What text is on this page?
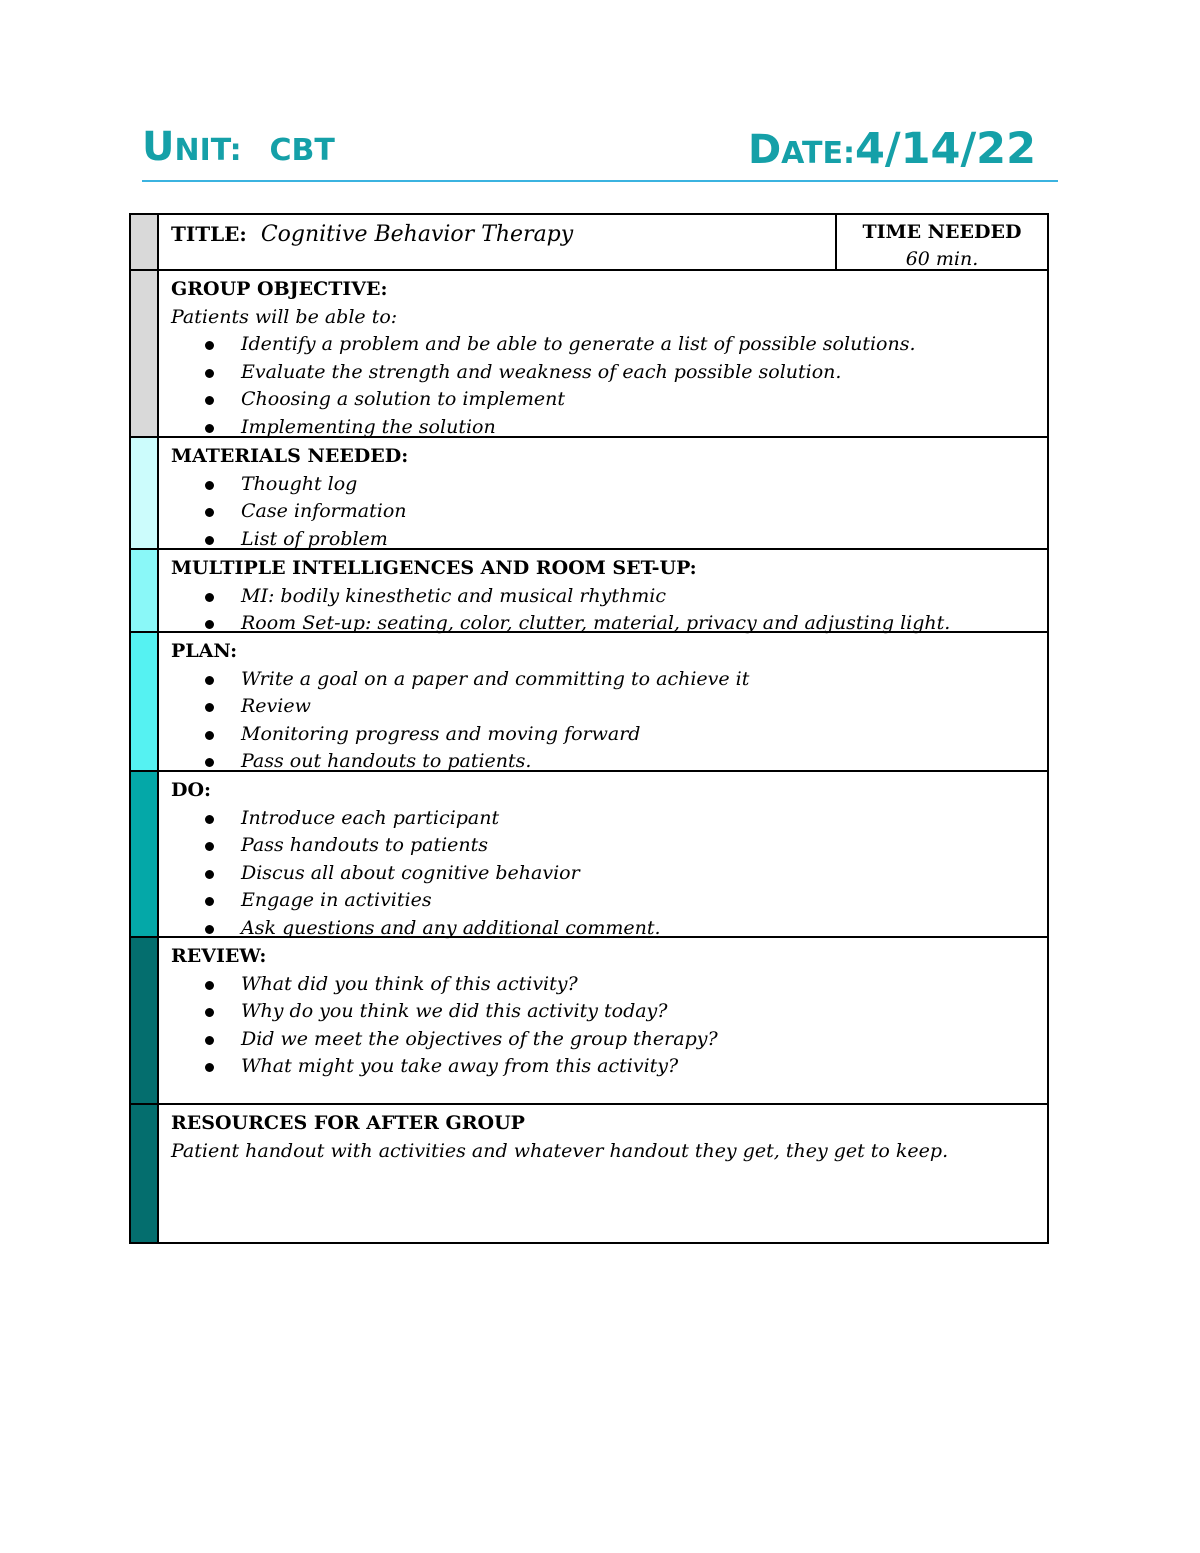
UNIT: CBT	DATE:4/14/22
TITLE: Cognitive Behavior Therapy	TIME NEEDED
60 min.
GROUP OBJECTIVE:
Patients will be able to:
Identify a problem and be able to generate a list of possible solutions.
Evaluate the strength and weakness of each possible solution.
Choosing a solution to implement
Implementing the solution
MATERIALS NEEDED:
Thought log
Case information
List of problem
MULTIPLE INTELLIGENCES AND ROOM SET-UP:
MI: bodily kinesthetic and musical rhythmic
Room Set-up: seating, color, clutter, material, privacy and adjusting light.
PLAN:
Write a goal on a paper and committing to achieve it
Review
Monitoring progress and moving forward
Pass out handouts to patients.
DO:
Introduce each participant
Pass handouts to patients
Discus all about cognitive behavior
Engage in activities
Ask questions and any additional comment.
REVIEW:
What did you think of this activity?
Why do you think we did this activity today?
Did we meet the objectives of the group therapy?
What might you take away from this activity?
RESOURCES FOR AFTER GROUP
Patient handout with activities and whatever handout they get, they get to keep.
